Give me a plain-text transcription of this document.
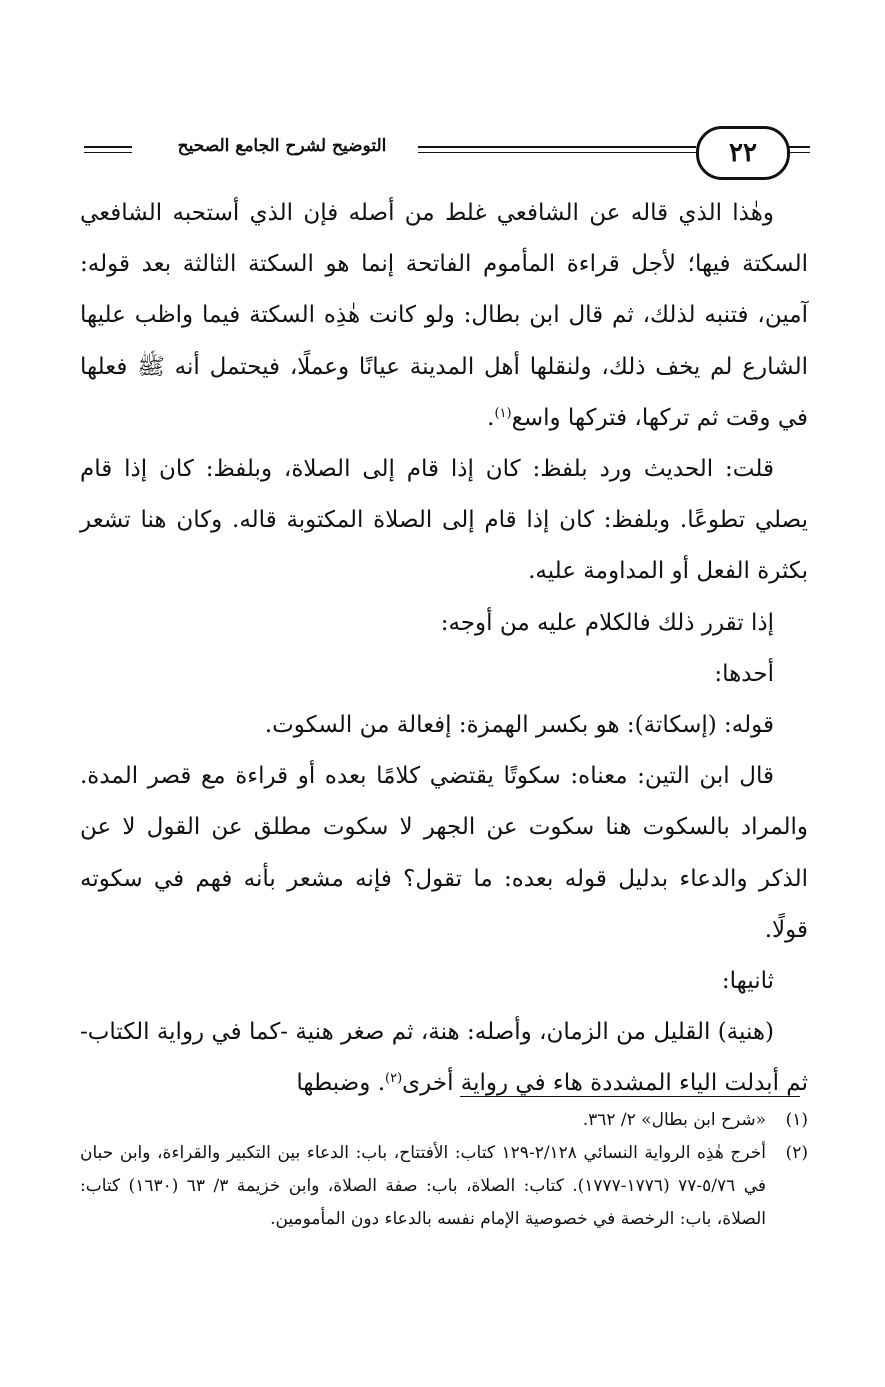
التوضيح لشرح الجامع الصحيح	٢٢

وهٰذا الذي قاله عن الشافعي غلط من أصله فإن الذي أستحبه الشافعي السكتة فيها؛ لأجل قراءة المأموم الفاتحة إنما هو السكتة الثالثة بعد قوله: آمين، فتنبه لذلك، ثم قال ابن بطال: ولو كانت هٰذِه السكتة فيما واظب عليها الشارع لم يخف ذلك، ولنقلها أهل المدينة عيانًا وعملًا، فيحتمل أنه ﷺ فعلها في وقت ثم تركها، فتركها واسع$^{(١)}$.

قلت: الحديث ورد بلفظ: كان إذا قام إلى الصلاة، وبلفظ: كان إذا قام يصلي تطوعًا. وبلفظ: كان إذا قام إلى الصلاة المكتوبة قاله. وكان هنا تشعر بكثرة الفعل أو المداومة عليه.

إذا تقرر ذلك فالكلام عليه من أوجه:

أحدها:

قوله: (إسكاتة): هو بكسر الهمزة: إفعالة من السكوت.

قال ابن التين: معناه: سكوتًا يقتضي كلامًا بعده أو قراءة مع قصر المدة. والمراد بالسكوت هنا سكوت عن الجهر لا سكوت مطلق عن القول لا عن الذكر والدعاء بدليل قوله بعده: ما تقول؟ فإنه مشعر بأنه فهم في سكوته قولًا.

ثانيها:

(هنية) القليل من الزمان، وأصله: هنة، ثم صغر هنية -كما في رواية الكتاب- ثم أبدلت الياء المشددة هاء في رواية أخرى$^{(٢)}$. وضبطها

(١)
«شرح ابن بطال» ٢/ ٣٦٢.
(٢)
أخرج هٰذِه الرواية النسائي ٢/١٢٨-١٢٩ كتاب: الأفتتاح، باب: الدعاء بين التكبير والقراءة، وابن حبان في ٥/٧٦-٧٧ (١٧٧٦-١٧٧٧). كتاب: الصلاة، باب: صفة الصلاة، وابن خزيمة ٣/ ٦٣ (١٦٣٠) كتاب: الصلاة، باب: الرخصة في خصوصية الإمام نفسه بالدعاء دون المأمومين.
